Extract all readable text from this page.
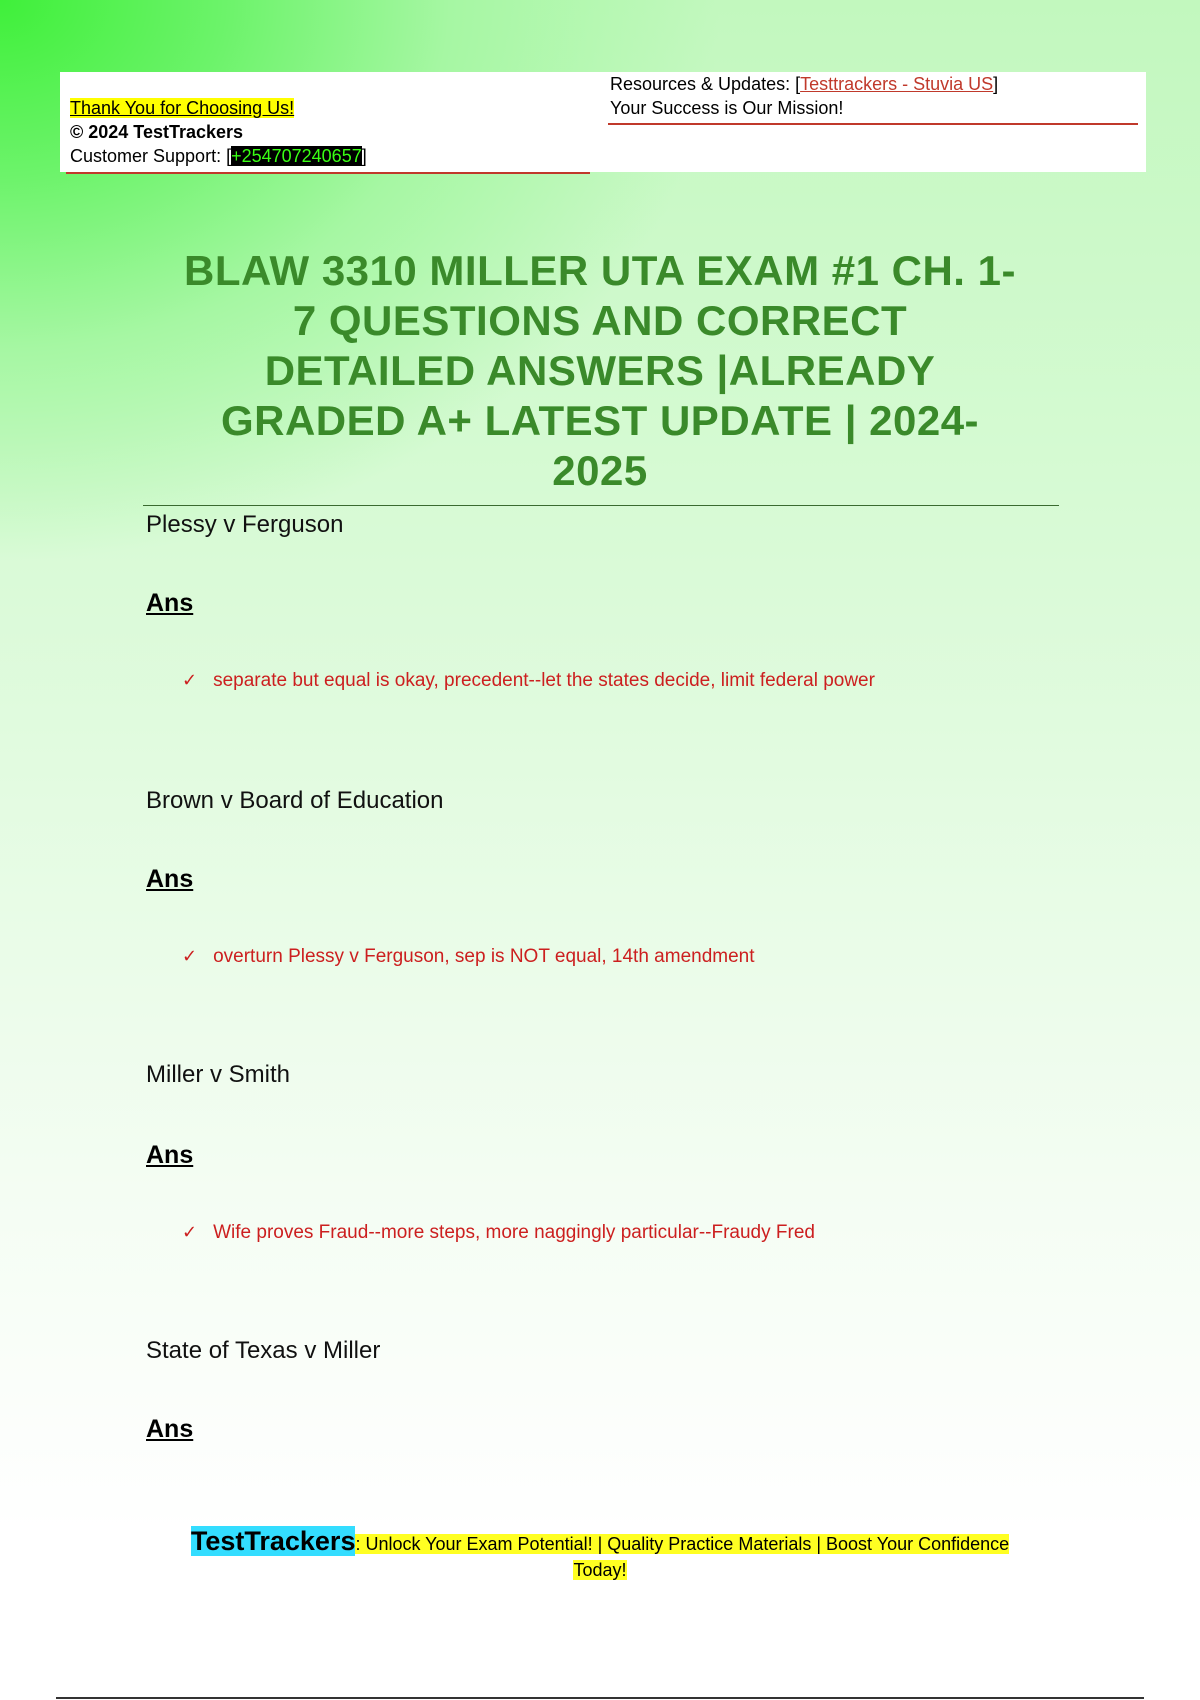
Thank You for Choosing Us!
© 2024 TestTrackers
Customer Support: [+254707240657]
Resources & Updates: [Testtrackers - Stuvia US]
Your Success is Our Mission!
BLAW 3310 MILLER UTA EXAM #1 CH. 1-
7 QUESTIONS AND CORRECT
DETAILED ANSWERS |ALREADY
GRADED A+ LATEST UPDATE | 2024-
2025
Plessy v Ferguson
Ans
✓ separate but equal is okay, precedent--let the states decide, limit federal power
Brown v Board of Education
Ans
✓ overturn Plessy v Ferguson, sep is NOT equal, 14th amendment
Miller v Smith
Ans
✓ Wife proves Fraud--more steps, more naggingly particular--Fraudy Fred
State of Texas v Miller
Ans
TestTrackers: Unlock Your Exam Potential! | Quality Practice Materials | Boost Your Confidence
Today!
